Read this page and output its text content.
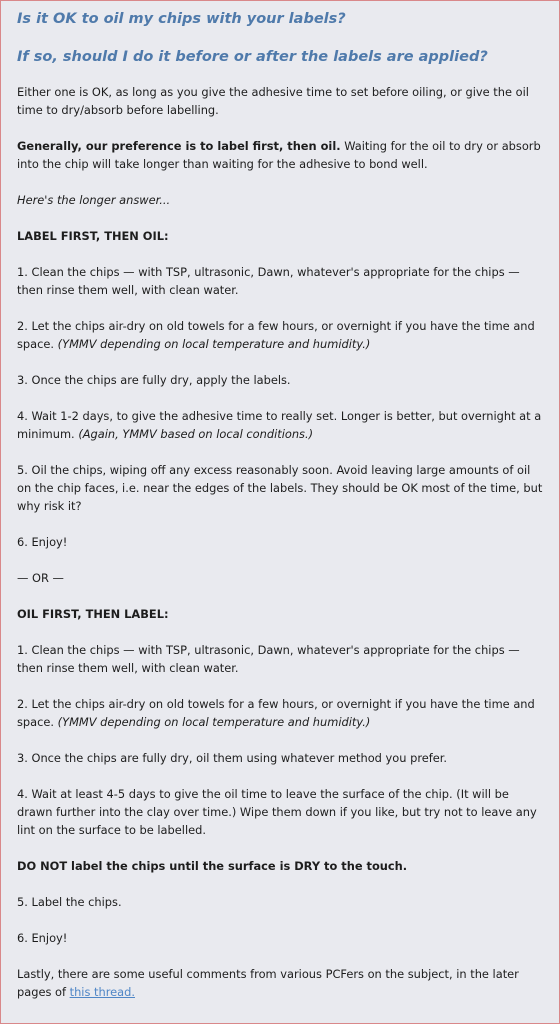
Is it OK to oil my chips with your labels?
If so, should I do it before or after the labels are applied?

Either one is OK, as long as you give the adhesive time to set before oiling, or give the oil time to dry/absorb before labelling.

Generally, our preference is to label first, then oil. Waiting for the oil to dry or absorb into the chip will take longer than waiting for the adhesive to bond well.

Here's the longer answer...

LABEL FIRST, THEN OIL:

1. Clean the chips — with TSP, ultrasonic, Dawn, whatever's appropriate for the chips — then rinse them well, with clean water.

2. Let the chips air-dry on old towels for a few hours, or overnight if you have the time and space. (YMMV depending on local temperature and humidity.)

3. Once the chips are fully dry, apply the labels.

4. Wait 1-2 days, to give the adhesive time to really set. Longer is better, but overnight at a minimum. (Again, YMMV based on local conditions.)

5. Oil the chips, wiping off any excess reasonably soon. Avoid leaving large amounts of oil on the chip faces, i.e. near the edges of the labels. They should be OK most of the time, but why risk it?

6. Enjoy!

— OR —

OIL FIRST, THEN LABEL:

1. Clean the chips — with TSP, ultrasonic, Dawn, whatever's appropriate for the chips — then rinse them well, with clean water.

2. Let the chips air-dry on old towels for a few hours, or overnight if you have the time and space. (YMMV depending on local temperature and humidity.)

3. Once the chips are fully dry, oil them using whatever method you prefer.

4. Wait at least 4-5 days to give the oil time to leave the surface of the chip. (It will be drawn further into the clay over time.) Wipe them down if you like, but try not to leave any lint on the surface to be labelled.

DO NOT label the chips until the surface is DRY to the touch.

5. Label the chips.

6. Enjoy!

Lastly, there are some useful comments from various PCFers on the subject, in the later pages of this thread.
